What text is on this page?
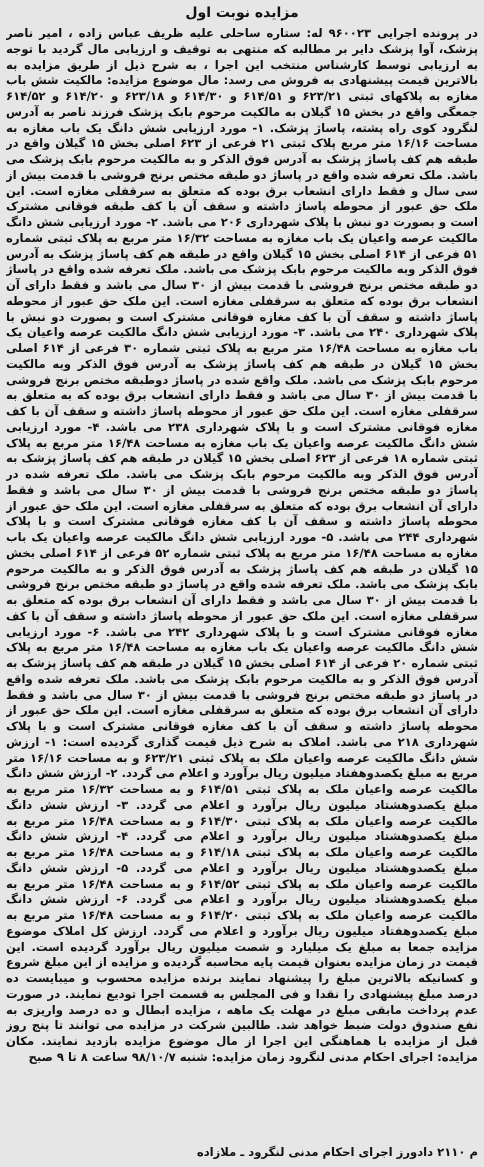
مزایده نوبت اول
در پرونده اجرایی ۹۶۰۰۲۳ له: ستاره ساحلی علیه ظریف عباس زاده ، امیر ناصر پزشک، آوا پزشک دایر بر مطالبه که منتهی به توقیف و ارزیابی مال گردید با توجه به ارزیابی توسط کارشناس منتخب این اجرا ، به شرح ذیل از طریق مزایده به بالاترین قیمت پیشنهادی به فروش می رسد: مال موضوع مزایده: مالکیت شش باب مغازه به پلاکهای ثبتی ۶۲۳/۲۱ و ۶۱۴/۵۱ و ۶۱۴/۳۰ و ۶۲۳/۱۸ و ۶۱۴/۲۰ و ۶۱۴/۵۲ جمعگی واقع در بخش ۱۵ گیلان به مالکیت مرحوم بابک پزشک فرزند ناصر به آدرس لنگرود کوی راه پشته، پاساژ پزشک. ۱- مورد ارزیابی شش دانگ یک باب مغازه به مساحت ۱۶/۱۶ متر مربع پلاک ثبتی ۲۱ فرعی از ۶۲۳ اصلی بخش ۱۵ گیلان واقع در طبقه هم کف پاساژ پزشک به آدرس فوق الذکر و به مالکیت مرحوم بابک پزشک می باشد. ملک تعرفه شده واقع در پاساژ دو طبقه مختص برنج فروشی با قدمت بیش از سی سال و فقط دارای انشعاب برق بوده که متعلق به سرقفلی مغازه است. این ملک حق عبور از محوطه پاساژ داشته و سقف آن با کف طبقه فوقانی مشترک است و بصورت دو نبش با پلاک شهرداری ۲۰۶ می باشد. ۲- مورد ارزیابی شش دانگ مالکیت عرصه واعیان یک باب مغازه به مساحت ۱۶/۳۲ متر مربع به پلاک ثبتی شماره ۵۱ فرعی از ۶۱۴ اصلی بخش ۱۵ گیلان واقع در طبقه هم کف پاساژ پزشک به آدرس فوق الذکر وبه مالکیت مرحوم بابک پزشک می باشد. ملک تعرفه شده واقع در پاساژ دو طبقه مختص برنج فروشی با قدمت بیش از ۳۰ سال می باشد و فقط دارای آن انشعاب برق بوده که متعلق به سرقفلی مغازه است. این ملک حق عبور از محوطه پاساژ داشته و سقف آن با کف مغازه فوقانی مشترک است و بصورت دو نبش با پلاک شهرداری ۲۴۰ می باشد. ۳- مورد ارزیابی شش دانگ مالکیت عرصه واعیان یک باب مغازه به مساحت ۱۶/۴۸ متر مربع به پلاک ثبتی شماره ۳۰ فرعی از ۶۱۴ اصلی بخش ۱۵ گیلان در طبقه هم کف پاساژ پزشک به آدرس فوق الذکر وبه مالکیت مرحوم بابک پزشک می باشد. ملک واقع شده در پاساژ دوطبقه مختص برنج فروشی با قدمت بیش از ۳۰ سال می باشد و فقط دارای انشعاب برق بوده که به متعلق به سرقفلی مغازه است. این ملک حق عبور از محوطه پاساژ داشته و سقف آن با کف مغازه فوقانی مشترک است و با پلاک شهرداری ۲۳۸ می باشد. ۴- مورد ارزیابی شش دانگ مالکیت عرصه واعیان یک باب مغازه به مساحت ۱۶/۴۸ متر مربع به پلاک ثبتی شماره ۱۸ فرعی از ۶۲۳ اصلی بخش ۱۵ گیلان در طبقه هم کف پاساژ پزشک به آدرس فوق الذکر وبه مالکیت مرحوم بابک پزشک می باشد. ملک تعرفه شده در پاساژ دو طبقه مختص برنج فروشی با قدمت بیش از ۳۰ سال می باشد و فقط دارای آن انشعاب برق بوده که متعلق به سرقفلی مغازه است. این ملک حق عبور از محوطه پاساژ داشته و سقف آن با کف مغازه فوقانی مشترک است و با پلاک شهرداری ۲۴۴ می باشد. ۵- مورد ارزیابی شش دانگ مالکیت عرصه واعیان یک باب مغازه به مساحت ۱۶/۴۸ متر مربع به پلاک ثبتی شماره ۵۲ فرعی از ۶۱۴ اصلی بخش ۱۵ گیلان در طبقه هم کف پاساژ پزشک به آدرس فوق الذکر و به مالکیت مرحوم بابک پزشک می باشد. ملک تعرفه شده واقع در پاساژ دو طبقه مختص برنج فروشی با قدمت بیش از ۳۰ سال می باشد و فقط دارای آن انشعاب برق بوده که متعلق به سرقفلی مغازه است. این ملک حق عبور از محوطه پاساژ داشته و سقف آن با کف مغازه فوقانی مشترک است و با پلاک شهرداری ۲۴۲ می باشد. ۶- مورد ارزیابی شش دانگ مالکیت عرصه واعیان یک باب مغازه به مساحت ۱۶/۴۸ متر مربع به پلاک ثبتی شماره ۲۰ فرعی از ۶۱۴ اصلی بخش ۱۵ گیلان در طبقه هم کف پاساژ پزشک به آدرس فوق الذکر و به مالکیت مرحوم بابک پزشک می باشد. ملک تعرفه شده واقع در پاساژ دو طبقه مختص برنج فروشی با قدمت بیش از ۳۰ سال می باشد و فقط دارای آن انشعاب برق بوده که متعلق به سرقفلی مغازه است. این ملک حق عبور از محوطه پاساژ داشته و سقف آن با کف مغازه فوقانی مشترک است و با پلاک شهرداری ۲۱۸ می باشد. املاک به شرح ذیل قیمت گذاری گردیده است: ۱- ارزش شش دانگ مالکیت عرصه واعیان ملک به پلاک ثبتی ۶۲۳/۲۱ و به مساحت ۱۶/۱۶ متر مربع به مبلغ یکصدوهفتاد میلیون ریال برآورد و اعلام می گردد. ۲- ارزش شش دانگ مالکیت عرصه واعیان ملک به پلاک ثبتی ۶۱۴/۵۱ و به مساحت ۱۶/۳۲ متر مربع به مبلغ یکصدوهشتاد میلیون ریال برآورد و اعلام می گردد. ۳- ارزش شش دانگ مالکیت عرصه واعیان ملک به پلاک ثبتی ۶۱۴/۳۰ و به مساحت ۱۶/۴۸ متر مربع به مبلغ یکصدوهشتاد میلیون ریال برآورد و اعلام می گردد. ۴- ارزش شش دانگ مالکیت عرصه واعیان ملک به پلاک ثبتی ۶۱۴/۱۸ و به مساحت ۱۶/۴۸ متر مربع به مبلغ یکصدوهشتاد میلیون ریال برآورد و اعلام می گردد. ۵- ارزش شش دانگ مالکیت عرصه واعیان ملک به پلاک ثبتی ۶۱۴/۵۲ و به مساحت ۱۶/۴۸ متر مربع به مبلغ یکصدوهشتاد میلیون ریال برآورد و اعلام می گردد. ۶- ارزش شش دانگ مالکیت عرصه واعیان ملک به پلاک ثبتی ۶۱۴/۲۰ و به مساحت ۱۶/۴۸ متر مربع به مبلغ یکصدوهفتاد میلیون ریال برآورد و اعلام می گردد. ارزش کل املاک موضوع مزایده جمعا به مبلغ یک میلیارد و شصت میلیون ریال برآورد گردیده است. این قیمت در زمان مزایده بعنوان قیمت پایه محاسبه گردیده و مزایده از این مبلغ شروع و کسانیکه بالاترین مبلغ را پیشنهاد نمایند برنده مزایده محسوب و میبایست ده درصد مبلغ پیشنهادی را نقدا و فی المجلس به قسمت اجرا تودیع نمایند. در صورت عدم پرداخت مابقی مبلغ در مهلت یک ماهه ، مزایده ابطال و ده درصد واریزی به نفع صندوق دولت ضبط خواهد شد. طالبین شرکت در مزایده می توانند تا پنج روز قبل از مزایده با هماهنگی این اجرا از مال موضوع مزایده بازدید نمایند. مکان مزایده: اجرای احکام مدنی لنگرود زمان مزایده: شنبه ۹۸/۱۰/۷ ساعت ۸ تا ۹ صبح
م ۲۱۱۰ دادورز اجرای احکام مدنی لنگرود ـ ملازاده
